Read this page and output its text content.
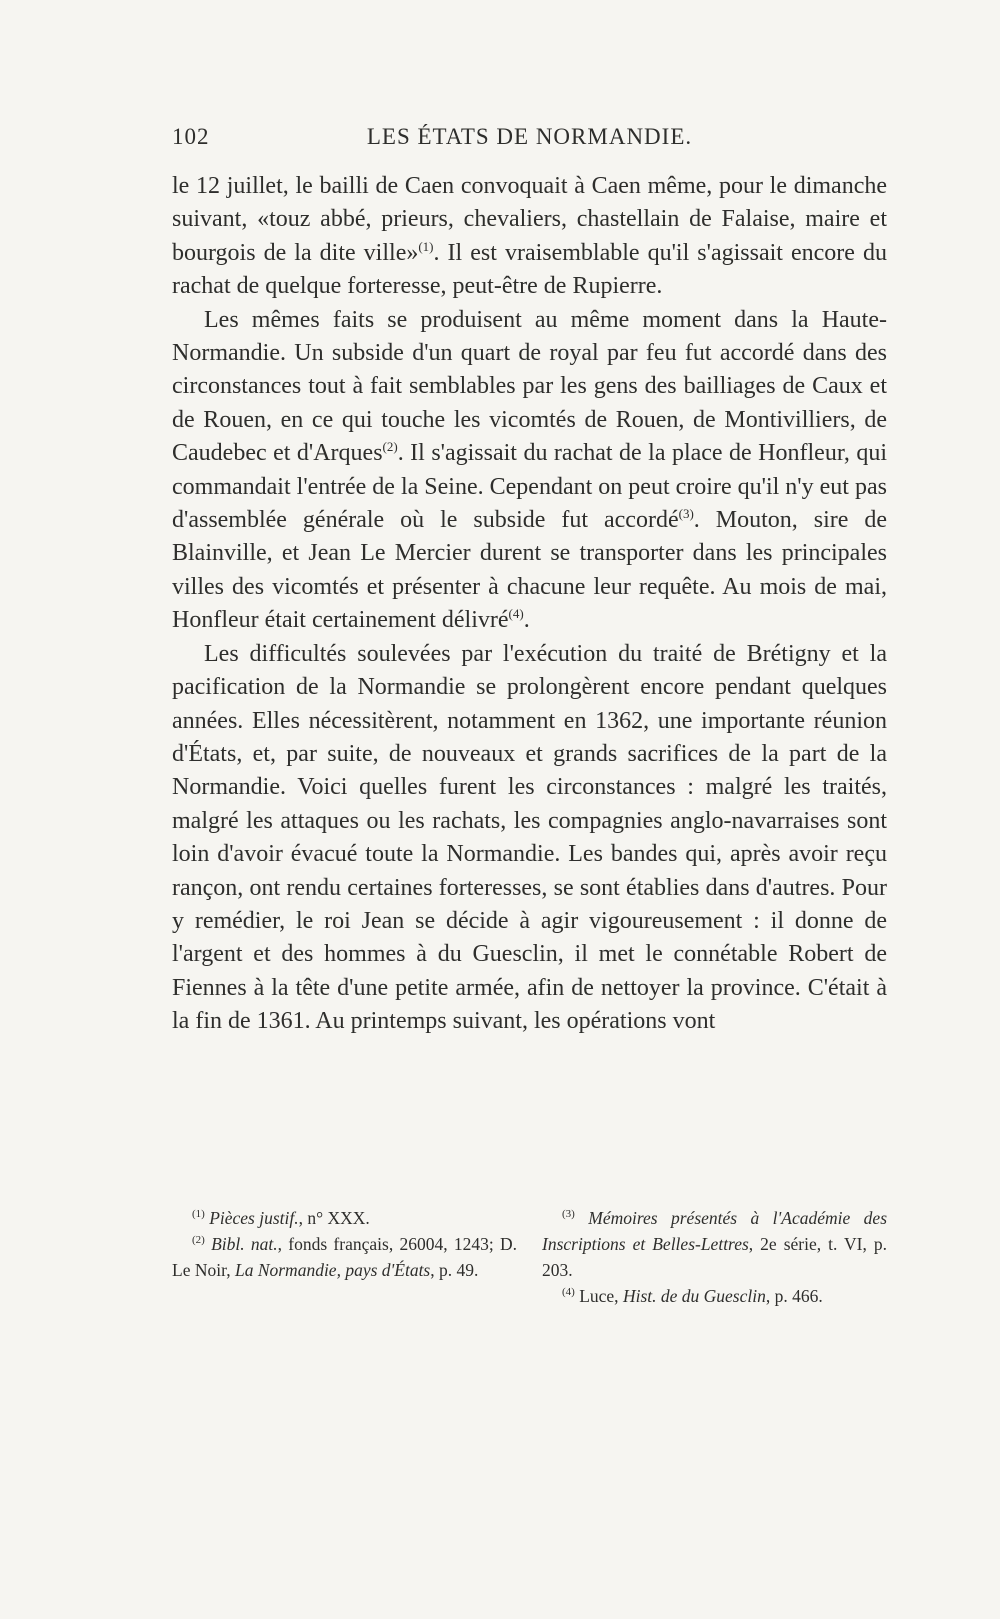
102	LES ÉTATS DE NORMANDIE.

le 12 juillet, le bailli de Caen convoquait à Caen même, pour le dimanche suivant, «touz abbé, prieurs, chevaliers, chastellain de Falaise, maire et bourgois de la dite ville»$^{(1)}$. Il est vraisemblable qu'il s'agissait encore du rachat de quelque forteresse, peut-être de Rupierre.

Les mêmes faits se produisent au même moment dans la Haute-Normandie. Un subside d'un quart de royal par feu fut accordé dans des circonstances tout à fait semblables par les gens des bailliages de Caux et de Rouen, en ce qui touche les vicomtés de Rouen, de Montivilliers, de Caudebec et d'Arques$^{(2)}$. Il s'agissait du rachat de la place de Honfleur, qui commandait l'entrée de la Seine. Cependant on peut croire qu'il n'y eut pas d'assemblée générale où le subside fut accordé$^{(3)}$. Mouton, sire de Blainville, et Jean Le Mercier durent se transporter dans les principales villes des vicomtés et présenter à chacune leur requête. Au mois de mai, Honfleur était certainement délivré$^{(4)}$.

Les difficultés soulevées par l'exécution du traité de Brétigny et la pacification de la Normandie se prolongèrent encore pendant quelques années. Elles nécessitèrent, notamment en 1362, une importante réunion d'États, et, par suite, de nouveaux et grands sacrifices de la part de la Normandie. Voici quelles furent les circonstances : malgré les traités, malgré les attaques ou les rachats, les compagnies anglo-navarraises sont loin d'avoir évacué toute la Normandie. Les bandes qui, après avoir reçu rançon, ont rendu certaines forteresses, se sont établies dans d'autres. Pour y remédier, le roi Jean se décide à agir vigoureusement : il donne de l'argent et des hommes à du Guesclin, il met le connétable Robert de Fiennes à la tête d'une petite armée, afin de nettoyer la province. C'était à la fin de 1361. Au printemps suivant, les opérations vont

$^{(1)}$ Pièces justif., n° XXX.

$^{(2)}$ Bibl. nat., fonds français, 26004, 1243; D. Le Noir, La Normandie, pays d'États, p. 49.

$^{(3)}$ Mémoires présentés à l'Académie des Inscriptions et Belles-Lettres, 2e série, t. VI, p. 203.

$^{(4)}$ Luce, Hist. de du Guesclin, p. 466.
